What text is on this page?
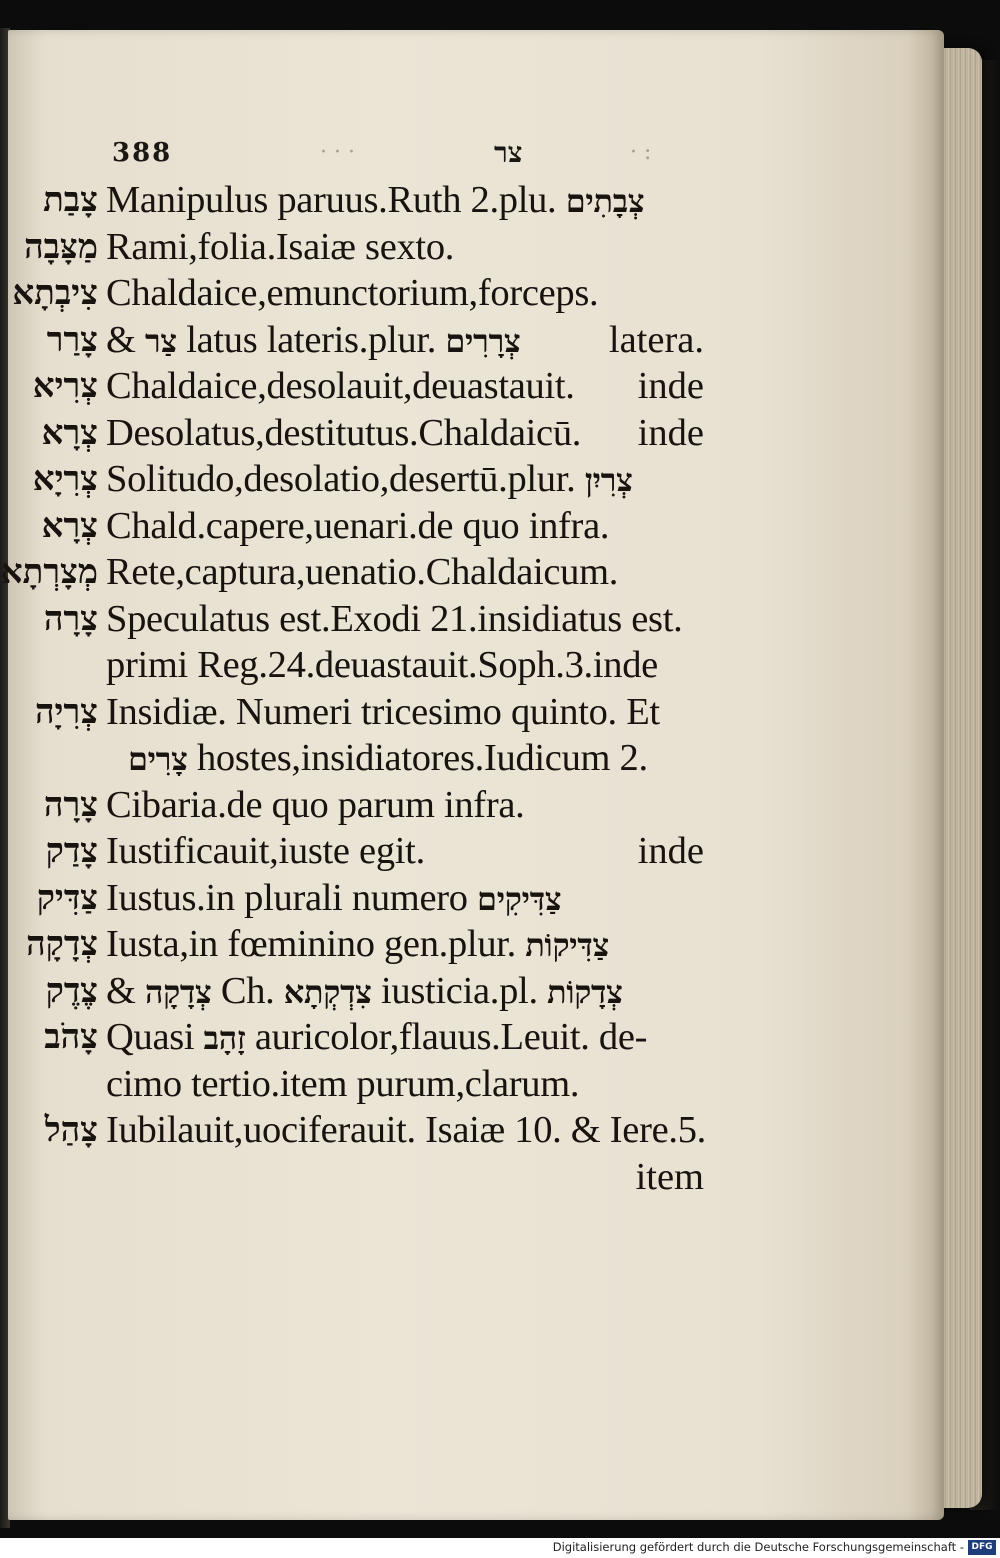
388	· · ·	צר	· :
צָבַת Manipulus paruus.Ruth 2.plu. צְבָתִים
מַצָּבָה Rami,folia.Isaiæ sexto.
צִיבְתָא Chaldaice,emunctorium,forceps.
צָרַר & צַר latus lateris.plur. צְרָרִים latera.
צְרִיא Chaldaice,desolauit,deuastauit. inde
צְרָא Desolatus,destitutus.Chaldaicū. inde
צְרִיָא Solitudo,desolatio,desertū.plur. צְרִיִן
צְרָא Chald.capere,uenari.de quo infra.
מְצָרְתָא Rete,captura,uenatio.Chaldaicum.
צָרָה Speculatus est.Exodi 21.insidiatus est.
primi Reg.24.deuastauit.Soph.3.inde
צְרִיָה Insidiæ. Numeri tricesimo quinto. Et
צָרִים hostes,insidiatores.Iudicum 2.
צָרָה Cibaria.de quo parum infra.
צָדַק Iustificauit,iuste egit.	inde
צַדִּיק Iustus.in plurali numero צַדִּיקִים
צְדָקָה Iusta,in fœminino gen.plur. צַדִּיקוֹת
צֶדֶק & צְדָקָה Ch. צִדְקְתָא iusticia.pl. צְדָקוֹת
צָהֹב Quasi זָהָב auricolor,flauus.Leuit. de-
cimo tertio.item purum,clarum.
צָהַל Iubilauit,uociferauit. Isaiæ 10. & Iere.5.
item
Digitalisierung gefördert durch die Deutsche Forschungsgemeinschaft - DFG
